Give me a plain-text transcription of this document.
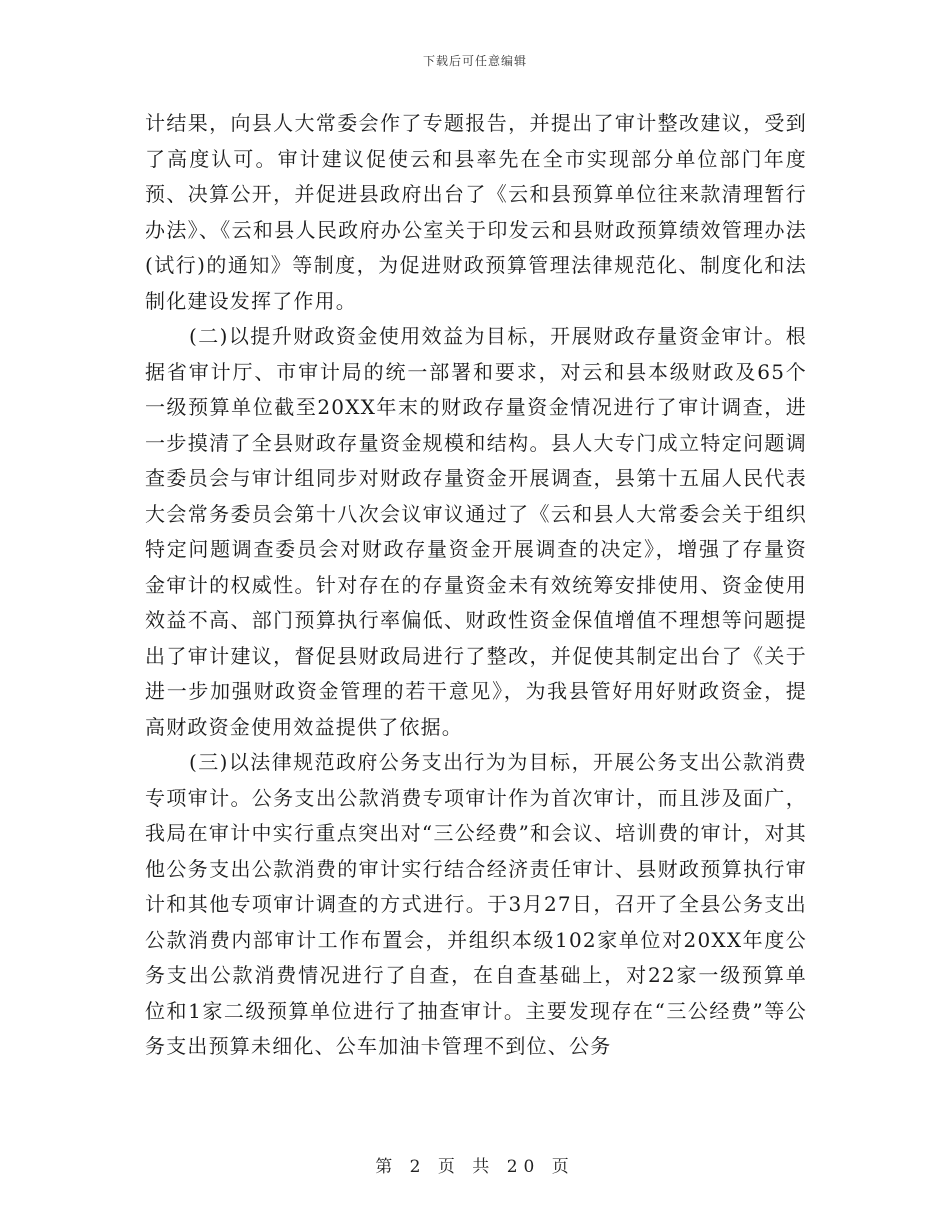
下载后可任意编辑

计结果，向县人大常委会作了专题报告，并提出了审计整改建议，受到了高度认可。审计建议促使云和县率先在全市实现部分单位部门年度预、决算公开，并促进县政府出台了《云和县预算单位往来款清理暂行办法》、《云和县人民政府办公室关于印发云和县财政预算绩效管理办法(试行)的通知》等制度，为促进财政预算管理法律规范化、制度化和法制化建设发挥了作用。

(二)以提升财政资金使用效益为目标，开展财政存量资金审计。根据省审计厅、市审计局的统一部署和要求，对云和县本级财政及65个一级预算单位截至20XX年末的财政存量资金情况进行了审计调查，进一步摸清了全县财政存量资金规模和结构。县人大专门成立特定问题调查委员会与审计组同步对财政存量资金开展调查，县第十五届人民代表大会常务委员会第十八次会议审议通过了《云和县人大常委会关于组织特定问题调查委员会对财政存量资金开展调查的决定》，增强了存量资金审计的权威性。针对存在的存量资金未有效统筹安排使用、资金使用效益不高、部门预算执行率偏低、财政性资金保值增值不理想等问题提出了审计建议，督促县财政局进行了整改，并促使其制定出台了《关于进一步加强财政资金管理的若干意见》，为我县管好用好财政资金，提高财政资金使用效益提供了依据。

(三)以法律规范政府公务支出行为为目标，开展公务支出公款消费专项审计。公务支出公款消费专项审计作为首次审计，而且涉及面广，我局在审计中实行重点突出对“三公经费”和会议、培训费的审计，对其他公务支出公款消费的审计实行结合经济责任审计、县财政预算执行审计和其他专项审计调查的方式进行。于3月27日，召开了全县公务支出公款消费内部审计工作布置会，并组织本级102家单位对20XX年度公务支出公款消费情况进行了自查，在自查基础上，对22家一级预算单位和1家二级预算单位进行了抽查审计。主要发现存在“三公经费”等公务支出预算未细化、公车加油卡管理不到位、公务

第 2 页 共 20 页
